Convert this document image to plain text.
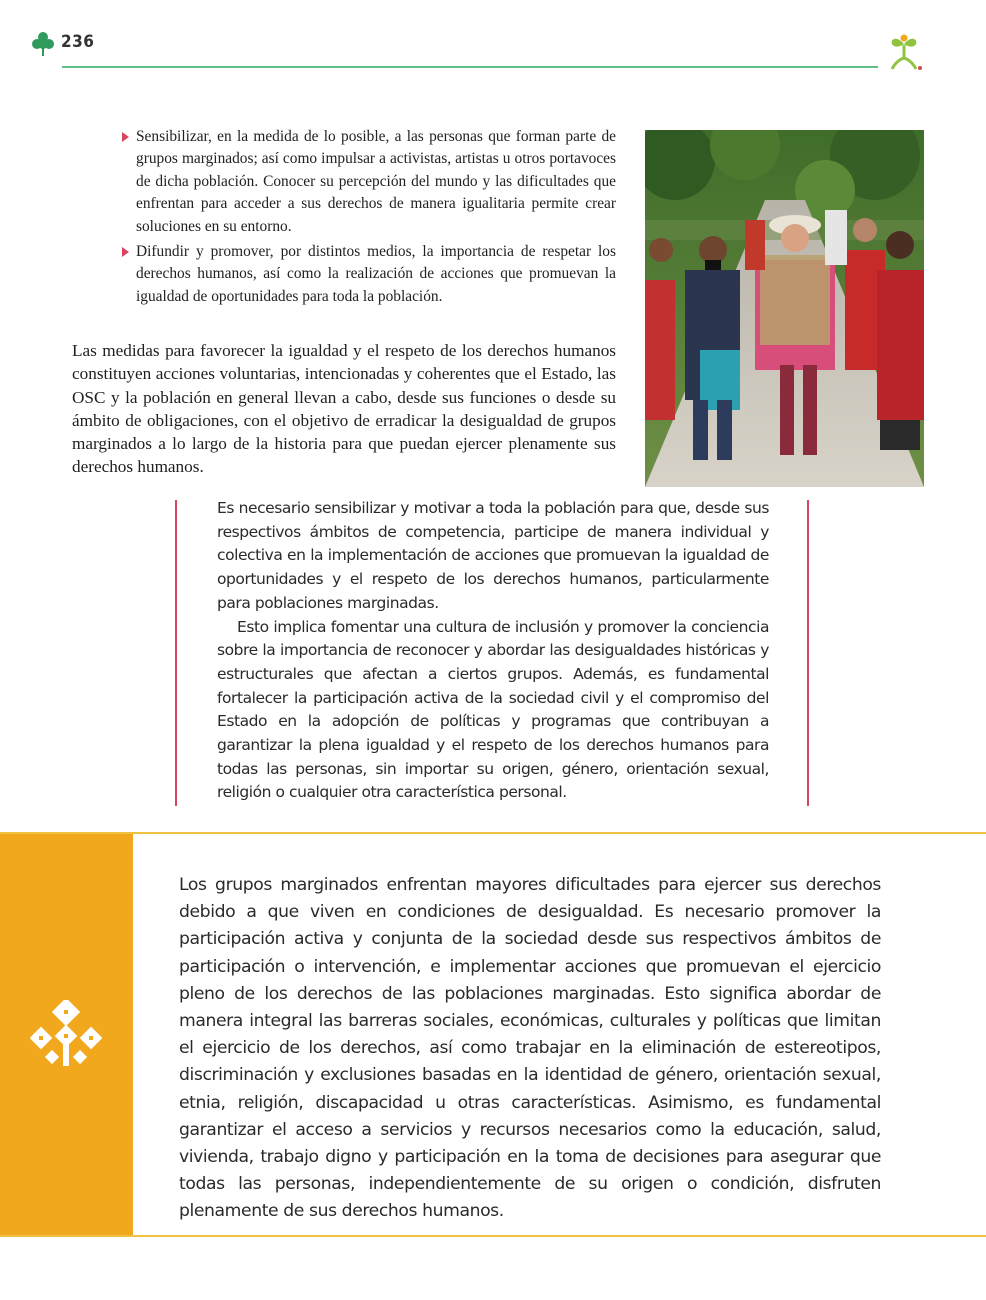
236
Sensibilizar, en la medida de lo posible, a las personas que forman parte de grupos marginados; así como impulsar a activistas, artistas u otros portavoces de dicha población. Conocer su percepción del mundo y las dificultades que enfrentan para acceder a sus derechos de manera igualitaria permite crear soluciones en su entorno.
Difundir y promover, por distintos medios, la importancia de respetar los derechos humanos, así como la realización de acciones que promuevan la igualdad de oportunidades para toda la población.

Las medidas para favorecer la igualdad y el respeto de los derechos humanos constituyen acciones voluntarias, intencionadas y coherentes que el Estado, las OSC y la población en general llevan a cabo, desde sus funciones o desde su ámbito de obligaciones, con el objetivo de erradicar la desigualdad de grupos marginados a lo largo de la historia para que puedan ejercer plenamente sus derechos humanos.

Es necesario sensibilizar y motivar a toda la población para que, desde sus respectivos ámbitos de competencia, participe de manera individual y colectiva en la implementación de acciones que promuevan la igualdad de oportunidades y el respeto de los derechos humanos, particularmente para poblaciones marginadas.

Esto implica fomentar una cultura de inclusión y promover la conciencia sobre la importancia de reconocer y abordar las desigualdades históricas y estructurales que afectan a ciertos grupos. Además, es fundamental fortalecer la participación activa de la sociedad civil y el compromiso del Estado en la adopción de políticas y programas que contribuyan a garantizar la plena igualdad y el respeto de los derechos humanos para todas las personas, sin importar su origen, género, orientación sexual, religión o cualquier otra característica personal.

Los grupos marginados enfrentan mayores dificultades para ejercer sus derechos debido a que viven en condiciones de desigualdad. Es necesario promover la participación activa y conjunta de la sociedad desde sus respectivos ámbitos de participación o intervención, e implementar acciones que promuevan el ejercicio pleno de los derechos de las poblaciones marginadas. Esto significa abordar de manera integral las barreras sociales, económicas, culturales y políticas que limitan el ejercicio de los derechos, así como trabajar en la eliminación de estereotipos, discriminación y exclusiones basadas en la identidad de género, orientación sexual, etnia, religión, discapacidad u otras características. Asimismo, es fundamental garantizar el acceso a servicios y recursos necesarios como la educación, salud, vivienda, trabajo digno y participación en la toma de decisiones para asegurar que todas las personas, independientemente de su origen o condición, disfruten plenamente de sus derechos humanos.
